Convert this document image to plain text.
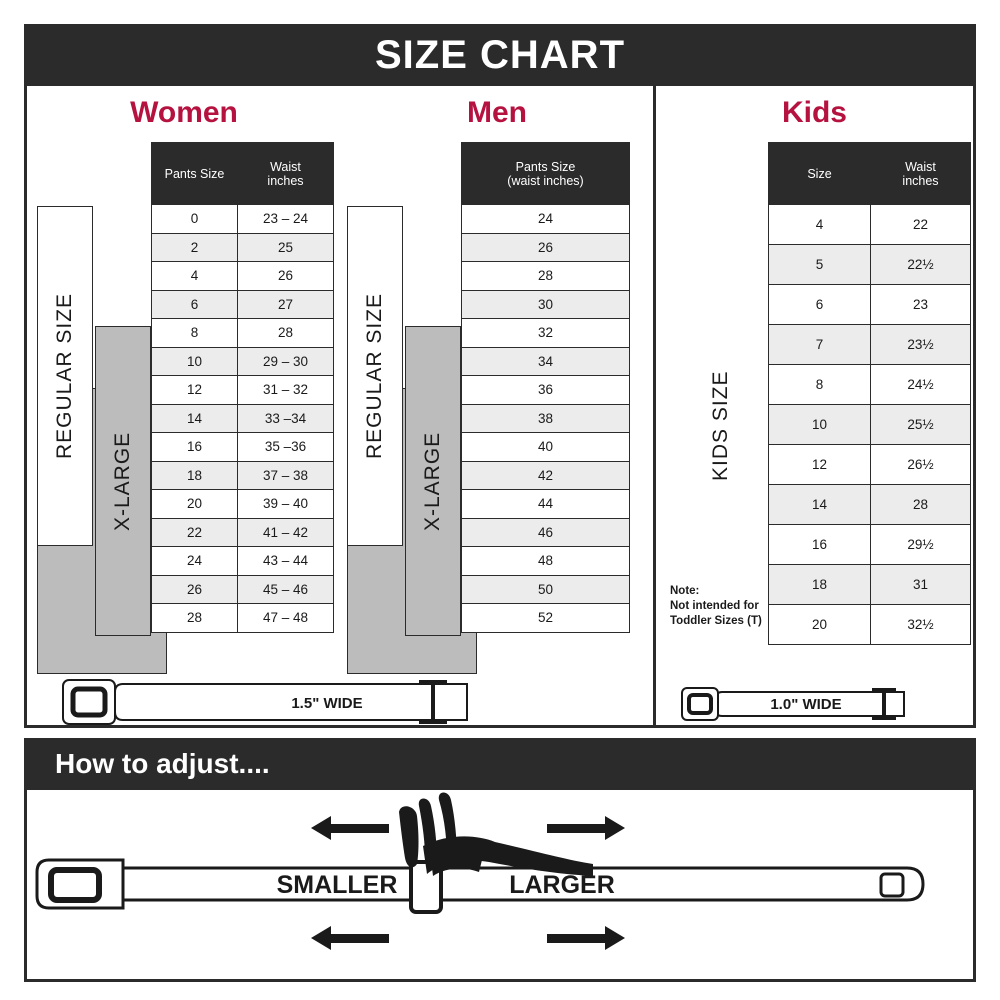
SIZE CHART
Women
REGULAR SIZE
X-LARGE
Pants Size	Waist
inches

0	23 – 24
2	25
4	26
6	27
8	28
10	29 – 30
12	31 – 32
14	33 –34
16	35 –36
18	37 – 38
20	39 – 40
22	41 – 42
24	43 – 44
26	45 – 46
28	47 – 48
Men
REGULAR SIZE
X-LARGE
Pants Size
(waist inches)

24
26
28
30
32
34
36
38
40
42
44
46
48
50
52
1.5" WIDE
Kids
KIDS SIZE
Note:
Not intended for
Toddler Sizes (T)
Size	Waist
inches

4	22
5	22½
6	23
7	23½
8	24½
10	25½
12	26½
14	28
16	29½
18	31
20	32½
1.0" WIDE
How to adjust....
SMALLER	LARGER
